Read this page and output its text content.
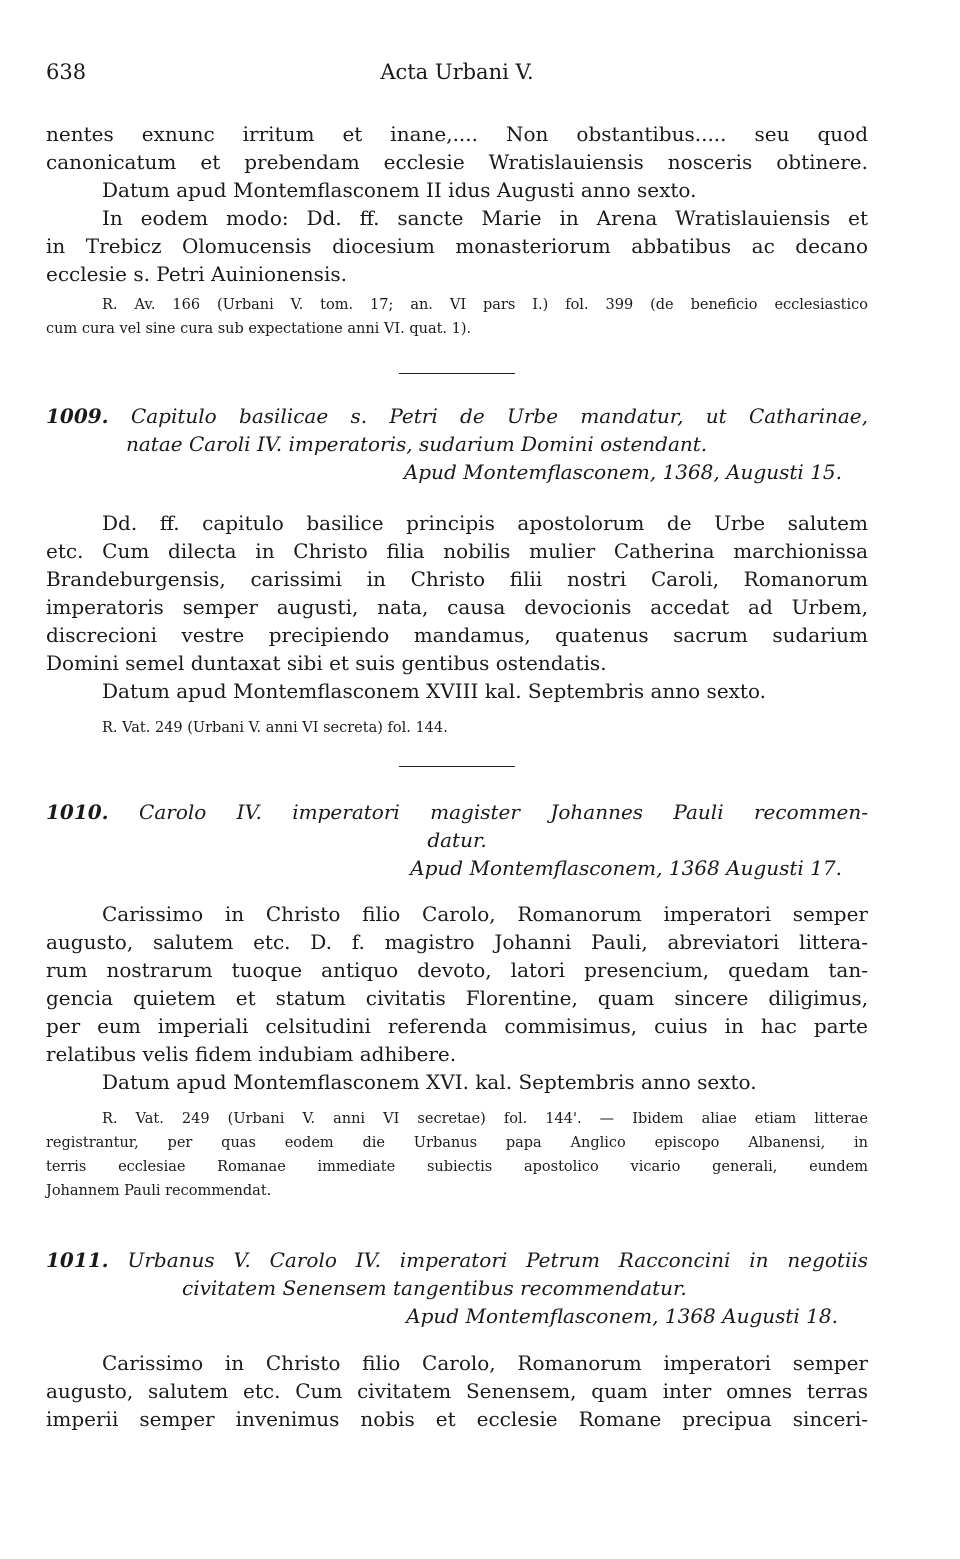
638	Acta Urbani V.
nentes exnunc irritum et inane,.... Non obstantibus..... seu quod
canonicatum et prebendam ecclesie Wratislauiensis nosceris obtinere.
Datum apud Montemflasconem II idus Augusti anno sexto.
In eodem modo: Dd. ff. sancte Marie in Arena Wratislauiensis et
in Trebicz Olomucensis diocesium monasteriorum abbatibus ac decano
ecclesie s. Petri Auinionensis.
R. Av. 166 (Urbani V. tom. 17; an. VI pars I.) fol. 399 (de beneficio ecclesiastico
cum cura vel sine cura sub expectatione anni VI. quat. 1).
1009. Capitulo basilicae s. Petri de Urbe mandatur, ut Catharinae,
natae Caroli IV. imperatoris, sudarium Domini ostendant.
Apud Montemflasconem, 1368, Augusti 15.
Dd. ff. capitulo basilice principis apostolorum de Urbe salutem
etc. Cum dilecta in Christo filia nobilis mulier Catherina marchionissa
Brandeburgensis, carissimi in Christo filii nostri Caroli, Romanorum
imperatoris semper augusti, nata, causa devocionis accedat ad Urbem,
discrecioni vestre precipiendo mandamus, quatenus sacrum sudarium
Domini semel duntaxat sibi et suis gentibus ostendatis.
Datum apud Montemflasconem XVIII kal. Septembris anno sexto.
R. Vat. 249 (Urbani V. anni VI secreta) fol. 144.
1010. Carolo IV. imperatori magister Johannes Pauli recommen-
datur.
Apud Montemflasconem, 1368 Augusti 17.
Carissimo in Christo filio Carolo, Romanorum imperatori semper
augusto, salutem etc. D. f. magistro Johanni Pauli, abreviatori littera-
rum nostrarum tuoque antiquo devoto, latori presencium, quedam tan-
gencia quietem et statum civitatis Florentine, quam sincere diligimus,
per eum imperiali celsitudini referenda commisimus, cuius in hac parte
relatibus velis fidem indubiam adhibere.
Datum apud Montemflasconem XVI. kal. Septembris anno sexto.
R. Vat. 249 (Urbani V. anni VI secretae) fol. 144'. — Ibidem aliae etiam litterae
registrantur, per quas eodem die Urbanus papa Anglico episcopo Albanensi, in
terris ecclesiae Romanae immediate subiectis apostolico vicario generali, eundem
Johannem Pauli recommendat.
1011. Urbanus V. Carolo IV. imperatori Petrum Racconcini in negotiis
civitatem Senensem tangentibus recommendatur.
Apud Montemflasconem, 1368 Augusti 18.
Carissimo in Christo filio Carolo, Romanorum imperatori semper
augusto, salutem etc. Cum civitatem Senensem, quam inter omnes terras
imperii semper invenimus nobis et ecclesie Romane precipua sinceri-
